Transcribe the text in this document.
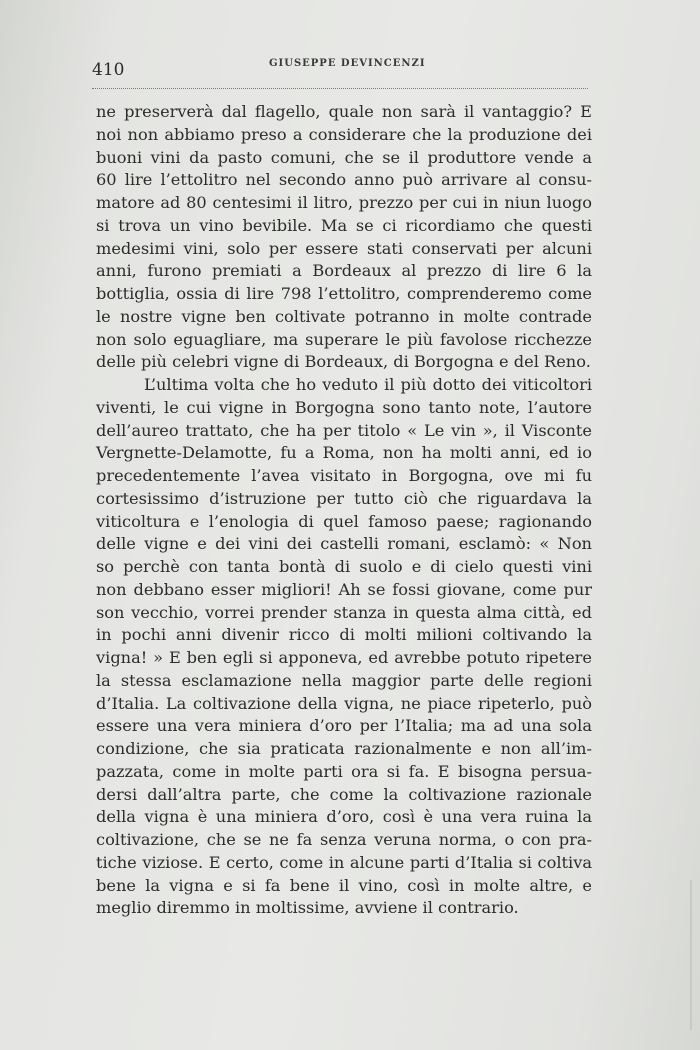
410	GIUSEPPE DEVINCENZI
ne preserverà dal flagello, quale non sarà il vantaggio? E
noi non abbiamo preso a considerare che la produzione dei
buoni vini da pasto comuni, che se il produttore vende a
60 lire l’ettolitro nel secondo anno può arrivare al consu-
matore ad 80 centesimi il litro, prezzo per cui in niun luogo
si trova un vino bevibile. Ma se ci ricordiamo che questi
medesimi vini, solo per essere stati conservati per alcuni
anni, furono premiati a Bordeaux al prezzo di lire 6 la
bottiglia, ossia di lire 798 l’ettolitro, comprenderemo come
le nostre vigne ben coltivate potranno in molte contrade
non solo eguagliare, ma superare le più favolose ricchezze
delle più celebri vigne di Bordeaux, di Borgogna e del Reno.
L’ultima volta che ho veduto il più dotto dei viticoltori
viventi, le cui vigne in Borgogna sono tanto note, l’autore
dell’aureo trattato, che ha per titolo « Le vin », il Visconte
Vergnette-Delamotte, fu a Roma, non ha molti anni, ed io
precedentemente l’avea visitato in Borgogna, ove mi fu
cortesissimo d’istruzione per tutto ciò che riguardava la
viticoltura e l’enologia di quel famoso paese; ragionando
delle vigne e dei vini dei castelli romani, esclamò: « Non
so perchè con tanta bontà di suolo e di cielo questi vini
non debbano esser migliori! Ah se fossi giovane, come pur
son vecchio, vorrei prender stanza in questa alma città, ed
in pochi anni divenir ricco di molti milioni coltivando la
vigna! » E ben egli si apponeva, ed avrebbe potuto ripetere
la stessa esclamazione nella maggior parte delle regioni
d’Italia. La coltivazione della vigna, ne piace ripeterlo, può
essere una vera miniera d’oro per l’Italia; ma ad una sola
condizione, che sia praticata razionalmente e non all’im-
pazzata, come in molte parti ora si fa. E bisogna persua-
dersi dall’altra parte, che come la coltivazione razionale
della vigna è una miniera d’oro, così è una vera ruina la
coltivazione, che se ne fa senza veruna norma, o con pra-
tiche viziose. E certo, come in alcune parti d’Italia si coltiva
bene la vigna e si fa bene il vino, così in molte altre, e
meglio diremmo in moltissime, avviene il contrario.
